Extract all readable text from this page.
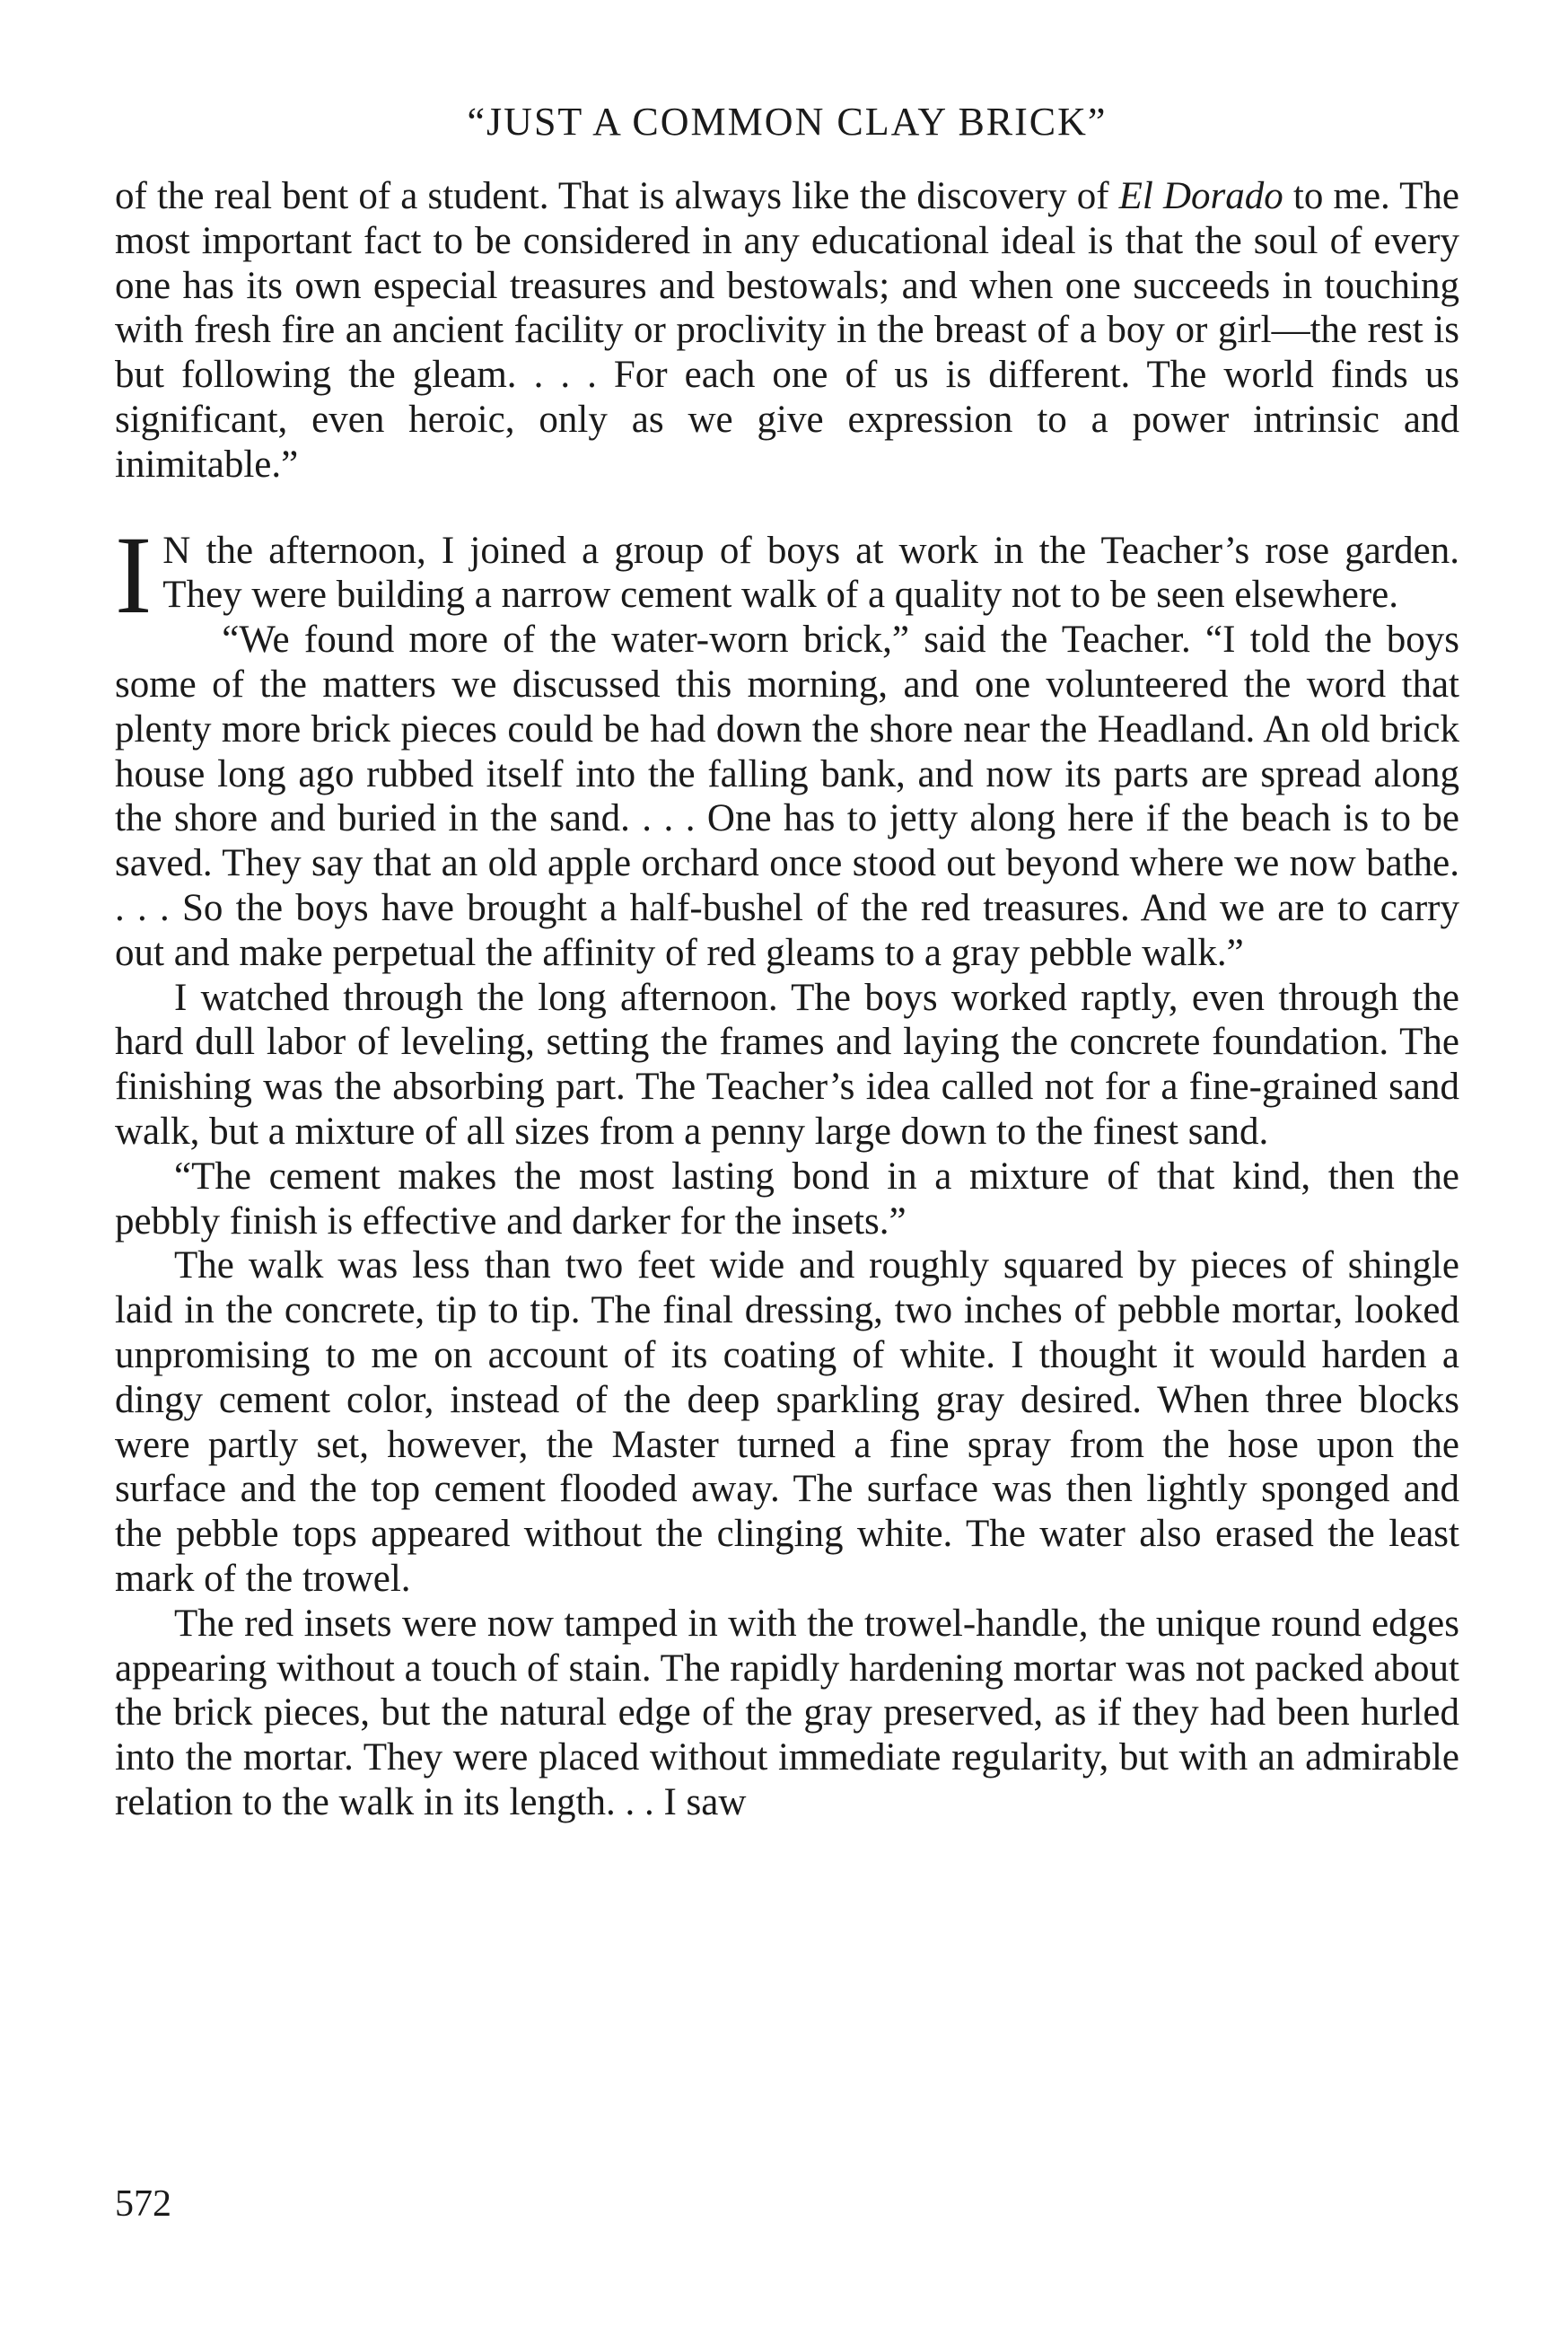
“JUST A COMMON CLAY BRICK”

of the real bent of a student. That is always like the discovery of El Dorado to me. The most important fact to be considered in any educational ideal is that the soul of every one has its own especial treasures and bestowals; and when one succeeds in touching with fresh fire an ancient facility or proclivity in the breast of a boy or girl—the rest is but following the gleam. . . . For each one of us is different. The world finds us significant, even heroic, only as we give expression to a power intrinsic and inimitable.”

I N the afternoon, I joined a group of boys at work in the Teacher’s rose garden. They were building a narrow cement walk of a quality not to be seen elsewhere.

“We found more of the water-worn brick,” said the Teacher. “I told the boys some of the matters we discussed this morning, and one volunteered the word that plenty more brick pieces could be had down the shore near the Headland. An old brick house long ago rubbed itself into the falling bank, and now its parts are spread along the shore and buried in the sand. . . . One has to jetty along here if the beach is to be saved. They say that an old apple orchard once stood out beyond where we now bathe. . . . So the boys have brought a half-bushel of the red treasures. And we are to carry out and make perpetual the affinity of red gleams to a gray pebble walk.”

I watched through the long afternoon. The boys worked raptly, even through the hard dull labor of leveling, setting the frames and laying the concrete foundation. The finishing was the absorbing part. The Teacher’s idea called not for a fine-grained sand walk, but a mixture of all sizes from a penny large down to the finest sand.

“The cement makes the most lasting bond in a mixture of that kind, then the pebbly finish is effective and darker for the insets.”

The walk was less than two feet wide and roughly squared by pieces of shingle laid in the concrete, tip to tip. The final dressing, two inches of pebble mortar, looked unpromising to me on account of its coating of white. I thought it would harden a dingy cement color, instead of the deep sparkling gray desired. When three blocks were partly set, however, the Master turned a fine spray from the hose upon the surface and the top cement flooded away. The surface was then lightly sponged and the pebble tops appeared without the clinging white. The water also erased the least mark of the trowel.

The red insets were now tamped in with the trowel-handle, the unique round edges appearing without a touch of stain. The rapidly hardening mortar was not packed about the brick pieces, but the natural edge of the gray preserved, as if they had been hurled into the mortar. They were placed without immediate regularity, but with an admirable relation to the walk in its length. . . I saw

572
